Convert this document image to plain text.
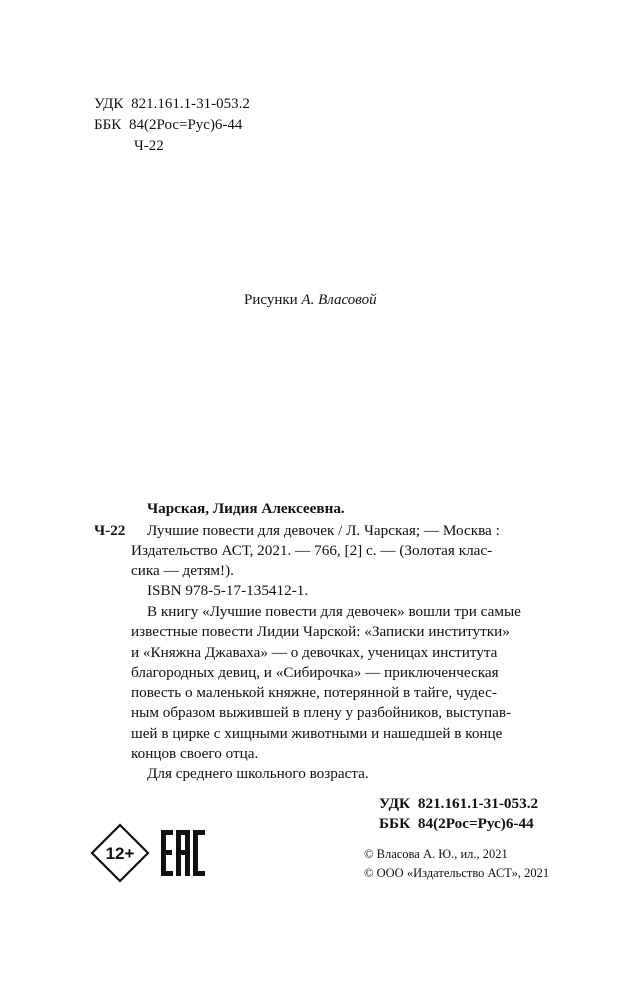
УДК 821.161.1-31-053.2
ББК 84(2Рос=Рус)6-44
Ч-22
Рисунки А. Власовой
Чарская, Лидия Алексеевна.
Ч-22 Лучшие повести для девочек / Л. Чарская; — Москва :
Издательство АСТ, 2021. — 766, [2] с. — (Золотая клас-
сика — детям!).
ISBN 978-5-17-135412-1.
В книгу «Лучшие повести для девочек» вошли три самые
известные повести Лидии Чарской: «Записки институтки»
и «Княжна Джаваха» — о девочках, ученицах института
благородных девиц, и «Сибирочка» — приключенческая
повесть о маленькой княжне, потерянной в тайге, чудес-
ным образом выжившей в плену у разбойников, выступав-
шей в цирке с хищными животными и нашедшей в конце
концов своего отца.
Для среднего школьного возраста.
УДК 821.161.1-31-053.2
ББК 84(2Рос=Рус)6-44
12+	© Власова А. Ю., ил., 2021
© ООО «Издательство АСТ», 2021
